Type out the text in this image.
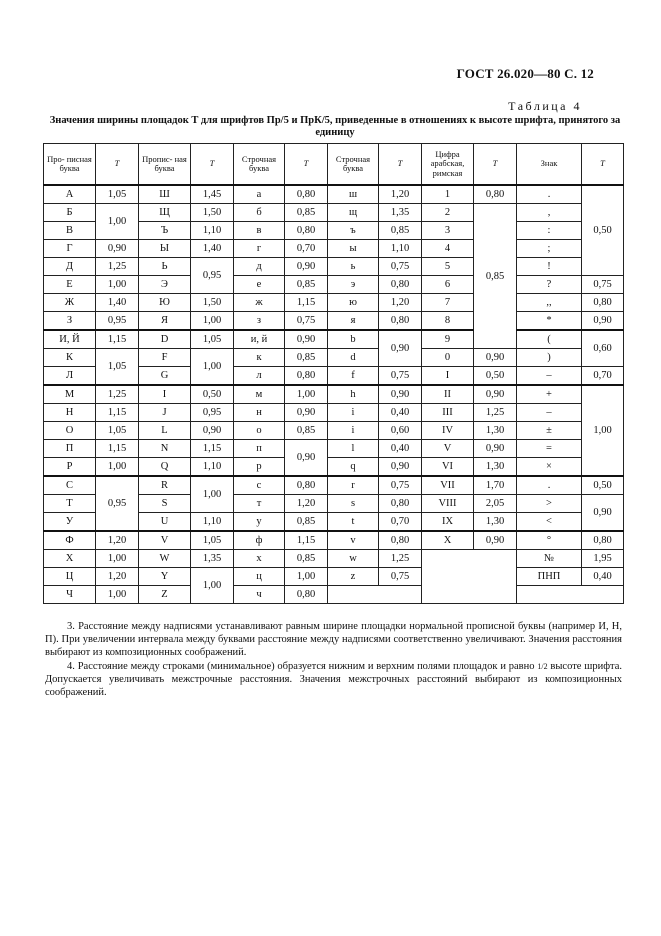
ГОСТ 26.020—80 С. 12
Таблица 4
Значения ширины площадок T для шрифтов Пр/5 и ПрК/5, приведенные в отношениях к высоте шрифта, принятого за единицу
Про- писная буква	T	Пропис- ная буква	T	Строчная буква	T	Строчная буква	T	Цифра арабская, римская	T	Знак	T
А	1,05	Ш	1,45	а	0,80	ш	1,20	1	0,80	.	0,50
Б	1,00	Щ	1,50	б	0,85	щ	1,35	2	0,85	,	
В		Ъ	1,10	в	0,80	ъ	0,85	3		:	
Г	0,90	Ы	1,40	г	0,70	ы	1,10	4		;	
Д	1,25	Ь	0,95	д	0,90	ь	0,75	5		!	
Е	1,00	Э		е	0,85	э	0,80	6		?	0,75
Ж	1,40	Ю	1,50	ж	1,15	ю	1,20	7		,,	0,80
З	0,95	Я	1,00	з	0,75	я	0,80	8		*	0,90
И, Й	1,15	D	1,05	и, й	0,90	b	0,90	9		(	0,60
К	1,05	F	1,00	к	0,85	d		0	0,90	)	
Л		G		л	0,80	f	0,75	I	0,50	–	0,70
М	1,25	I	0,50	м	1,00	h	0,90	II	0,90	+	1,00
Н	1,15	J	0,95	н	0,90	i	0,40	III	1,25	–	
О	1,05	L	0,90	о	0,85	i	0,60	IV	1,30	±	
П	1,15	N	1,15	п	0,90	l	0,40	V	0,90	=	
Р	1,00	Q	1,10	р		q	0,90	VI	1,30	×	
С	0,95	R	1,00	с	0,80	r	0,75	VII	1,70	.	0,50
Т		S		т	1,20	s	0,80	VIII	2,05	>	0,90
У		U	1,10	у	0,85	t	0,70	IX	1,30	<	
Ф	1,20	V	1,05	ф	1,15	v	0,80	X	0,90	°	0,80
Х	1,00	W	1,35	х	0,85	w	1,25			№	1,95
Ц	1,20	Y	1,00	ц	1,00	z	0,75			ПНП	0,40
Ч	1,00	Z		ч	0,80						
3. Расстояние между надписями устанавливают равным ширине площадки нормальной прописной буквы (например И, Н, П). При увеличении интервала между буквами расстояние между надписями соответственно увеличивают. Значения расстояния выбирают из композиционных соображений.
4. Расстояние между строками (минимальное) образуется нижним и верхним полями площадок и равно 1/2 высоте шрифта. Допускается увеличивать межстрочные расстояния. Значения межстрочных расстояний выбирают из композиционных соображений.
